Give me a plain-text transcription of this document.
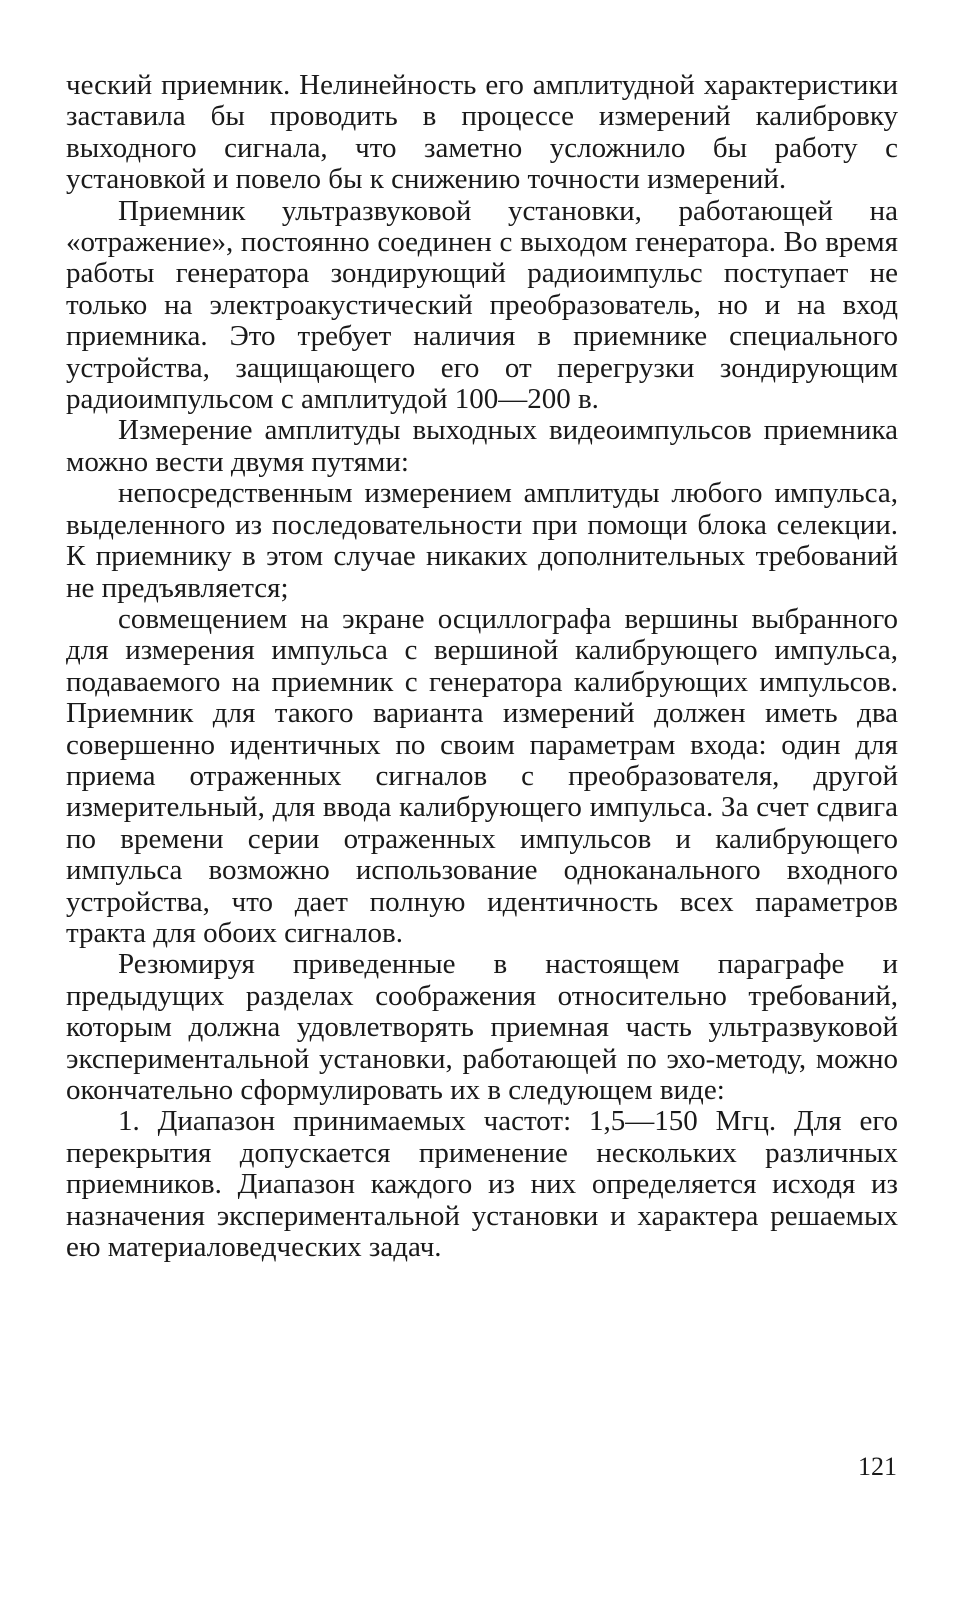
ческий приемник. Нелинейность его амплитудной характеристики заставила бы проводить в процессе измерений калибровку выходного сигнала, что заметно усложнило бы работу с установкой и повело бы к снижению точности измерений.

Приемник ультразвуковой установки, работающей на «отражение», постоянно соединен с выходом генератора. Во время работы генератора зондирующий радиоимпульс поступает не только на электроакустический преобразователь, но и на вход приемника. Это требует наличия в приемнике специального устройства, защищающего его от перегрузки зондирующим радиоимпульсом с амплитудой 100—200 в.

Измерение амплитуды выходных видеоимпульсов приемника можно вести двумя путями:

непосредственным измерением амплитуды любого импульса, выделенного из последовательности при помощи блока селекции. К приемнику в этом случае никаких дополнительных требований не предъявляется;

совмещением на экране осциллографа вершины выбранного для измерения импульса с вершиной калибрующего импульса, подаваемого на приемник с генератора калибрующих импульсов. Приемник для такого варианта измерений должен иметь два совершенно идентичных по своим параметрам входа: один для приема отраженных сигналов с преобразователя, другой измерительный, для ввода калибрующего импульса. За счет сдвига по времени серии отраженных импульсов и калибрующего импульса возможно использование одноканального входного устройства, что дает полную идентичность всех параметров тракта для обоих сигналов.

Резюмируя приведенные в настоящем параграфе и предыдущих разделах соображения относительно требований, которым должна удовлетворять приемная часть ультразвуковой экспериментальной установки, работающей по эхо-методу, можно окончательно сформулировать их в следующем виде:

1. Диапазон принимаемых частот: 1,5—150 Мгц. Для его перекрытия допускается применение нескольких различных приемников. Диапазон каждого из них определяется исходя из назначения экспериментальной установки и характера решаемых ею материаловедческих задач.

121
